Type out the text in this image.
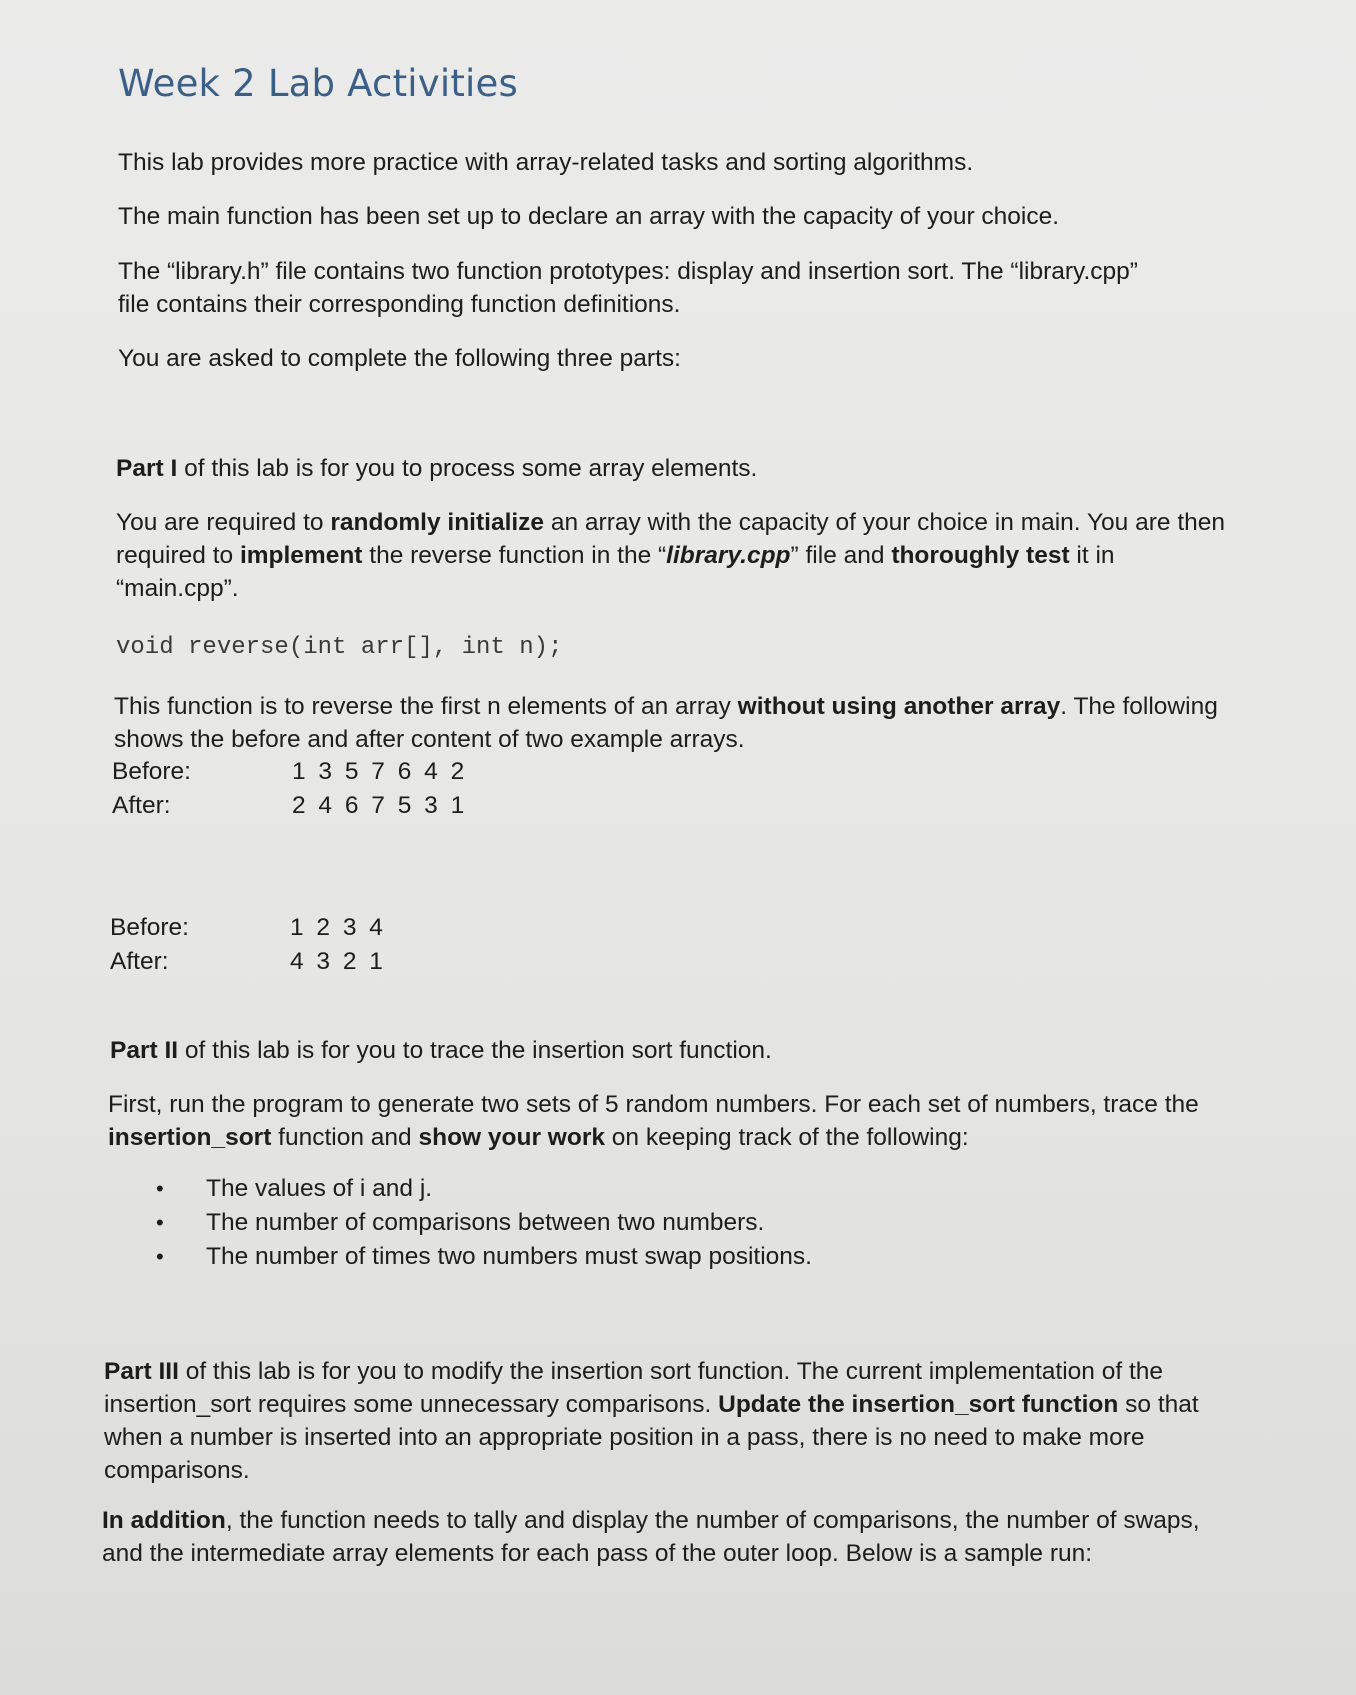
Week 2 Lab Activities

This lab provides more practice with array-related tasks and sorting algorithms.

The main function has been set up to declare an array with the capacity of your choice.

The “library.h” file contains two function prototypes: display and insertion sort. The “library.cpp”
file contains their corresponding function definitions.

You are asked to complete the following three parts:

Part I of this lab is for you to process some array elements.

You are required to randomly initialize an array with the capacity of your choice in main. You are then required to implement the reverse function in the “library.cpp” file and thoroughly test it in “main.cpp”.

void reverse(int arr[], int n);

This function is to reverse the first n elements of an array without using another array. The following shows the before and after content of two example arrays.

Before:	1 3 5 7 6 4 2
After:	2 4 6 7 5 3 1
Before:	1 2 3 4
After:	4 3 2 1

Part II of this lab is for you to trace the insertion sort function.

First, run the program to generate two sets of 5 random numbers. For each set of numbers, trace the insertion_sort function and show your work on keeping track of the following:

• The values of i and j.
• The number of comparisons between two numbers.
• The number of times two numbers must swap positions.

Part III of this lab is for you to modify the insertion sort function. The current implementation of the insertion_sort requires some unnecessary comparisons. Update the insertion_sort function so that when a number is inserted into an appropriate position in a pass, there is no need to make more comparisons.

In addition, the function needs to tally and display the number of comparisons, the number of swaps, and the intermediate array elements for each pass of the outer loop. Below is a sample run:
